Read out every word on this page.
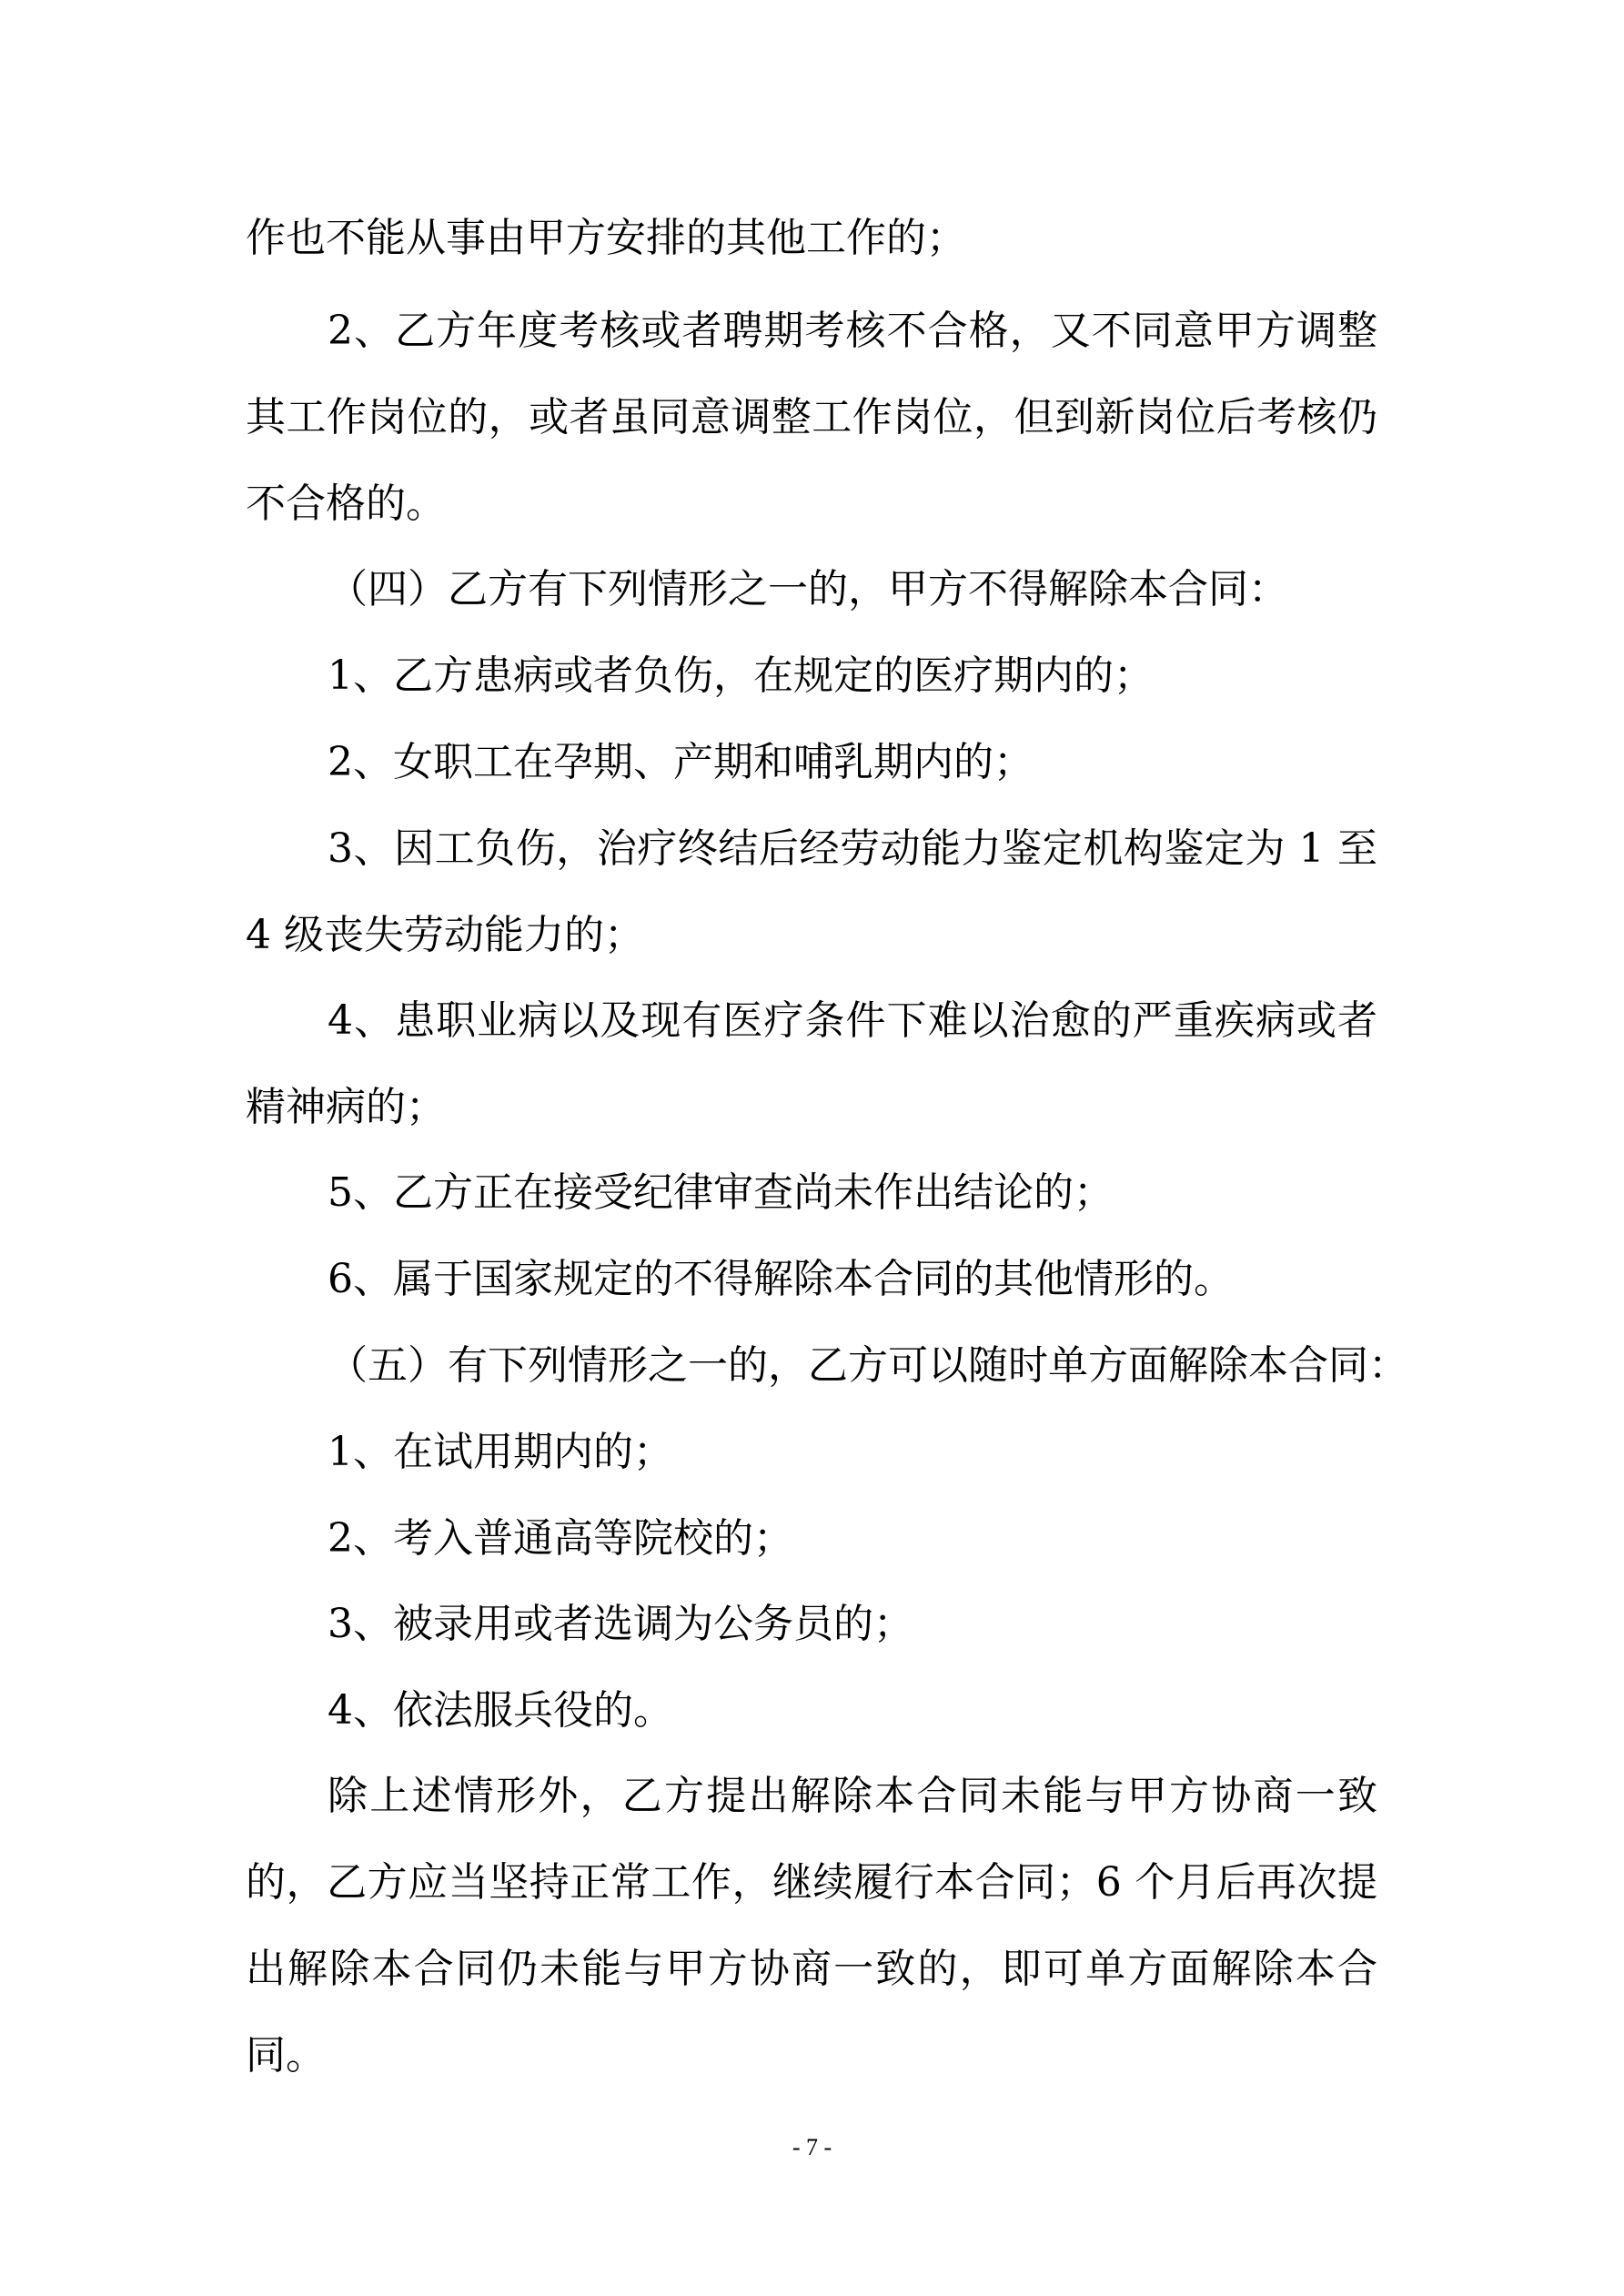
作也不能从事由甲方安排的其他工作的；
2、乙方年度考核或者聘期考核不合格，又不同意甲方调整
其工作岗位的，或者虽同意调整工作岗位，但到新岗位后考核仍
不合格的。
（四）乙方有下列情形之一的，甲方不得解除本合同：
1、乙方患病或者负伤，在规定的医疗期内的；
2、女职工在孕期、产期和哺乳期内的；
3、因工负伤，治疗终结后经劳动能力鉴定机构鉴定为 1 至
4 级丧失劳动能力的；
4、患职业病以及现有医疗条件下难以治愈的严重疾病或者
精神病的；
5、乙方正在接受纪律审查尚未作出结论的；
6、属于国家规定的不得解除本合同的其他情形的。
（五）有下列情形之一的，乙方可以随时单方面解除本合同：
1、在试用期内的；
2、考入普通高等院校的；
3、被录用或者选调为公务员的；
4、依法服兵役的。
除上述情形外，乙方提出解除本合同未能与甲方协商一致
的，乙方应当坚持正常工作，继续履行本合同；6 个月后再次提
出解除本合同仍未能与甲方协商一致的，即可单方面解除本合
同。
- 7 -
